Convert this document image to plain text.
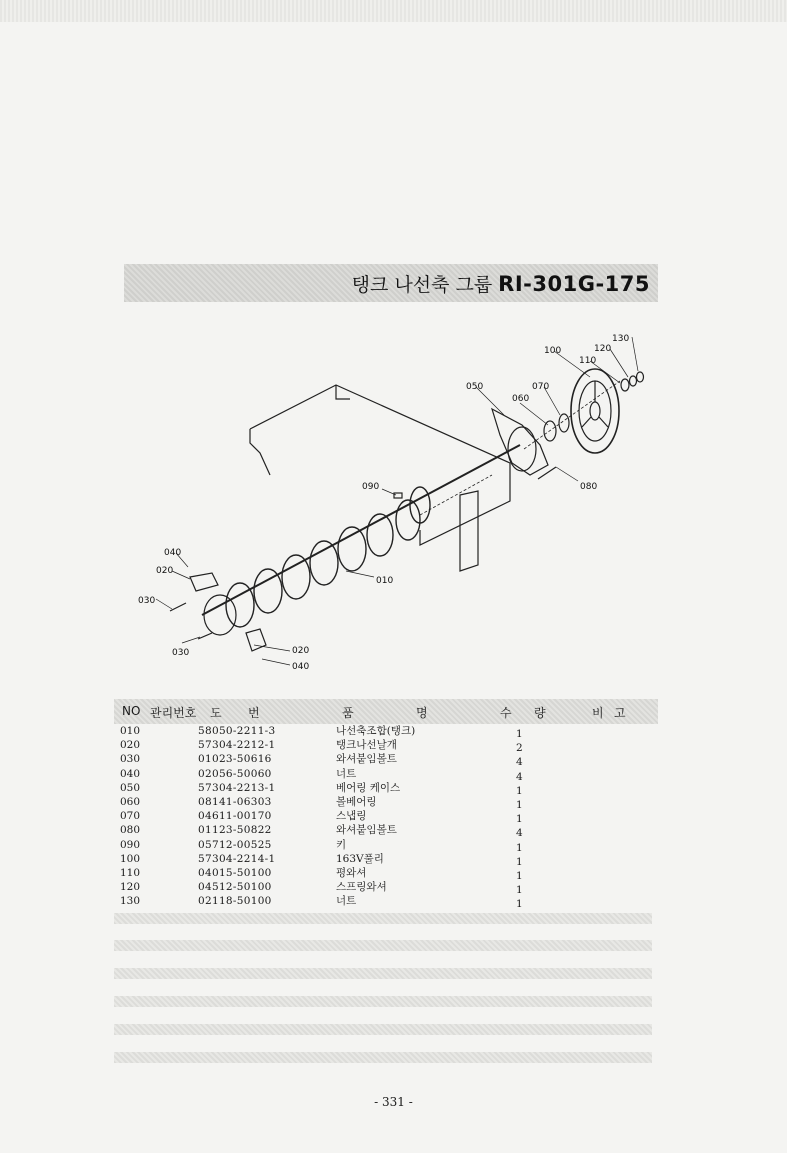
탱크 나선축 그룹 RI-301G-175
130
120
110
100
050	070
060
080
090
010
040
020
030
030	020
040
NO 관리번호 도 번	품	명	수 량	비 고
010	58050-2211-3	나선축조합(탱크)	1
020	57304-2212-1	탱크나선날개	2
030	01023-50616	와셔붙임볼트	4
040	02056-50060	너트	4
050	57304-2213-1	베어링 케이스	1
060	08141-06303	볼베어링	1
070	04611-00170	스냅링	1
080	01123-50822	와셔붙임볼트	4
090	05712-00525	키	1
100	57304-2214-1	163V풀리	1
110	04015-50100	평와셔	1
120	04512-50100	스프링와셔	1
130	02118-50100	너트	1
- 331 -
